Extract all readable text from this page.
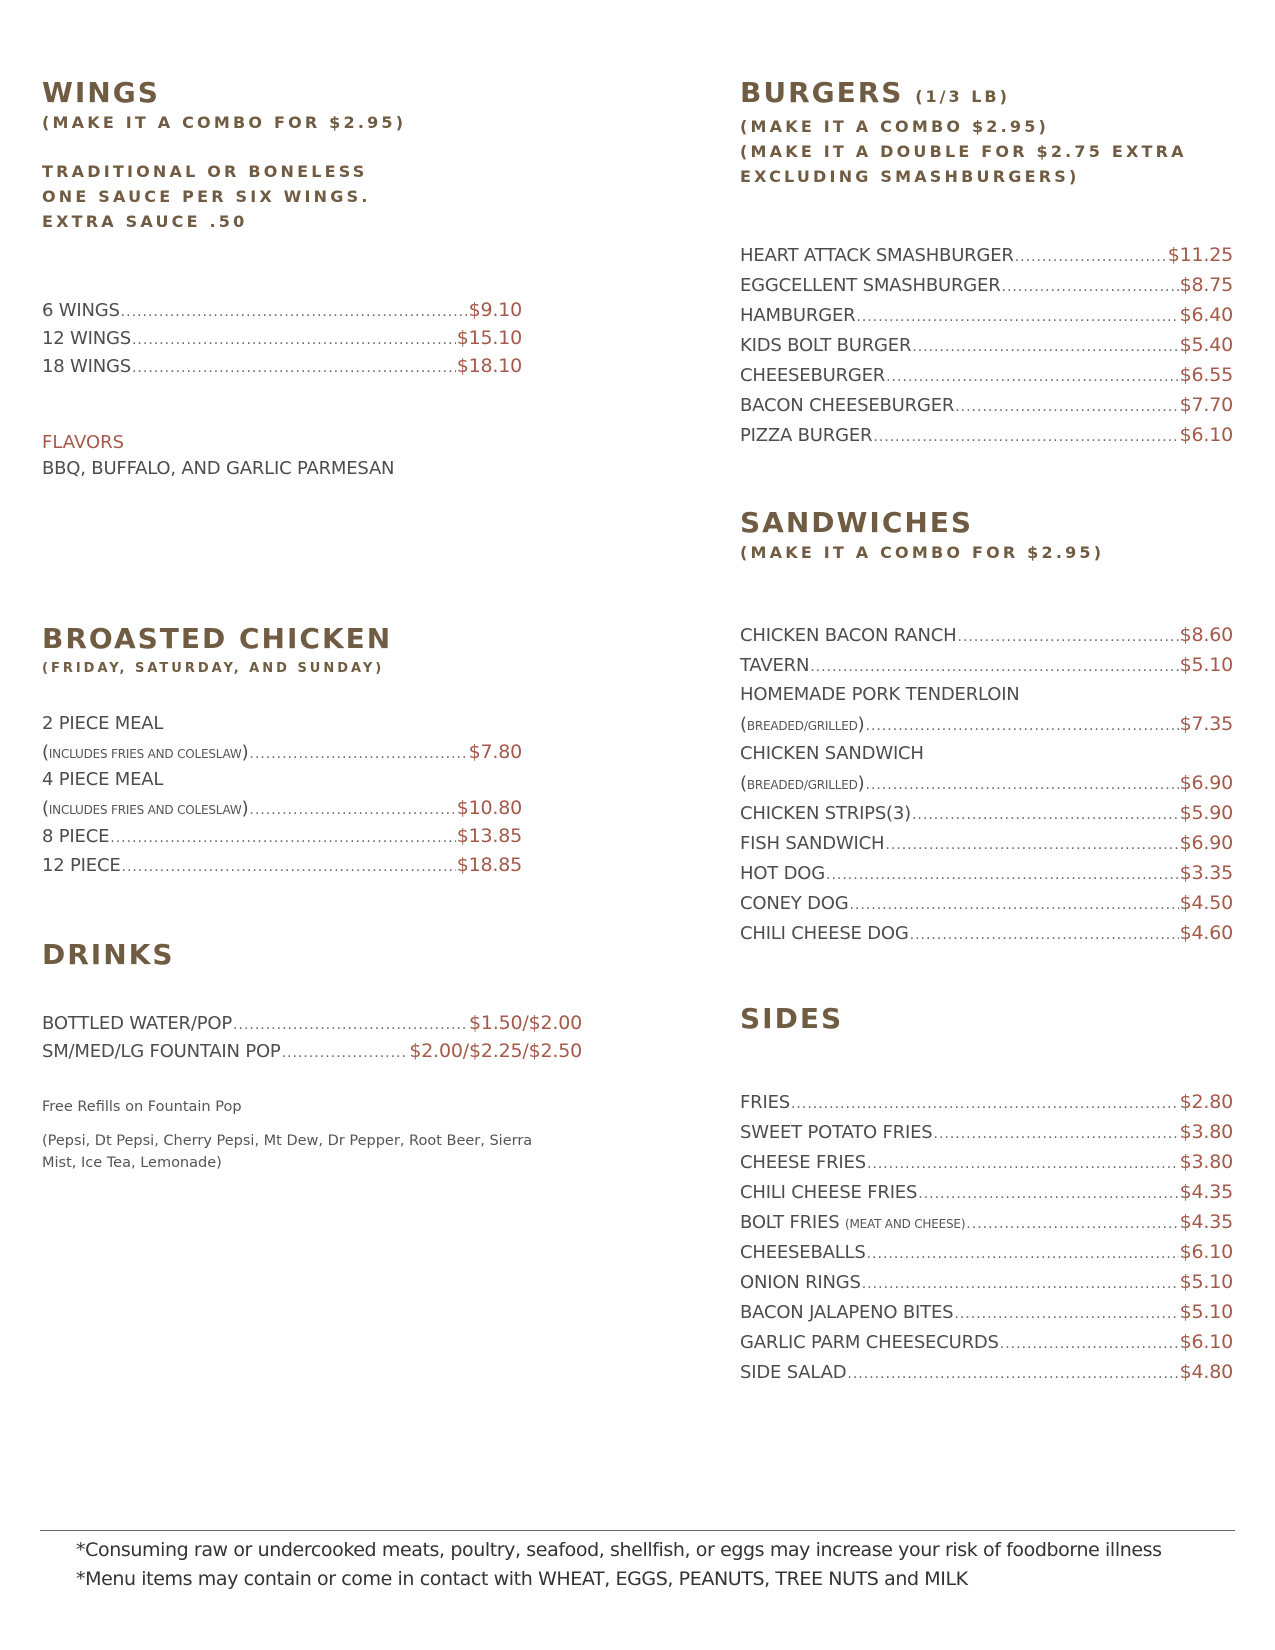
WINGS
(MAKE IT A COMBO FOR $2.95)
TRADITIONAL OR BONELESS
ONE SAUCE PER SIX WINGS.
EXTRA SAUCE .50
6 WINGS .....	$9.10
12 WINGS .....	$15.10
18 WINGS .....	$18.10
FLAVORS
BBQ, BUFFALO, AND GARLIC PARMESAN
BROASTED CHICKEN
(FRIDAY, SATURDAY, AND SUNDAY)
2 PIECE MEAL
(INCLUDES FRIES AND COLESLAW) .....	$7.80
4 PIECE MEAL
(INCLUDES FRIES AND COLESLAW) .....	$10.80
8 PIECE .....	$13.85
12 PIECE .....	$18.85
DRINKS
BOTTLED WATER/POP .....	$1.50/$2.00
SM/MED/LG FOUNTAIN POP .....	$2.00/$2.25/$2.50
Free Refills on Fountain Pop
(Pepsi, Dt Pepsi, Cherry Pepsi, Mt Dew, Dr Pepper, Root Beer, Sierra Mist, Ice Tea, Lemonade)
BURGERS (1/3 LB)
(MAKE IT A COMBO $2.95)
(MAKE IT A DOUBLE FOR $2.75 EXTRA
EXCLUDING SMASHBURGERS)
HEART ATTACK SMASHBURGER .....	$11.25
EGGCELLENT SMASHBURGER .....	$8.75
HAMBURGER .....	$6.40
KIDS BOLT BURGER .....	$5.40
CHEESEBURGER .....	$6.55
BACON CHEESEBURGER .....	$7.70
PIZZA BURGER .....	$6.10
SANDWICHES
(MAKE IT A COMBO FOR $2.95)
CHICKEN BACON RANCH .....	$8.60
TAVERN .....	$5.10
HOMEMADE PORK TENDERLOIN
(BREADED/GRILLED) .....	$7.35
CHICKEN SANDWICH
(BREADED/GRILLED) .....	$6.90
CHICKEN STRIPS(3) .....	$5.90
FISH SANDWICH .....	$6.90
HOT DOG .....	$3.35
CONEY DOG .....	$4.50
CHILI CHEESE DOG .....	$4.60
SIDES
FRIES .....	$2.80
SWEET POTATO FRIES .....	$3.80
CHEESE FRIES .....	$3.80
CHILI CHEESE FRIES .....	$4.35
BOLT FRIES
(MEAT AND CHEESE) .....	$4.35
CHEESEBALLS .....	$6.10
ONION RINGS .....	$5.10
BACON JALAPENO BITES .....	$5.10
GARLIC PARM CHEESECURDS .....	$6.10
SIDE SALAD .....	$4.80
*Consuming raw or undercooked meats, poultry, seafood, shellfish, or eggs may increase your risk of foodborne illness
*Menu items may contain or come in contact with WHEAT, EGGS, PEANUTS, TREE NUTS and MILK
